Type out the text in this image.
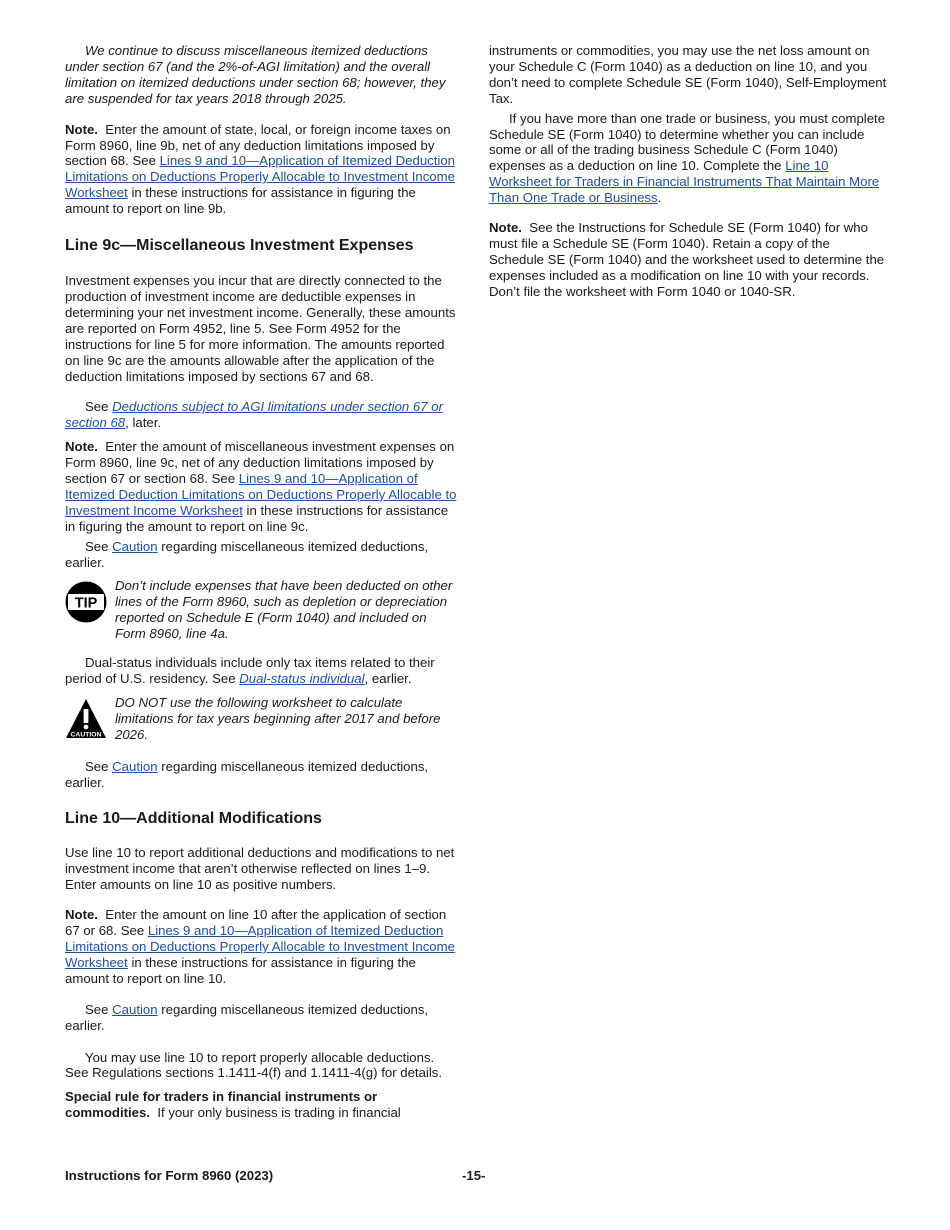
We continue to discuss miscellaneous itemized deductions under section 67 (and the 2%-of-AGI limitation) and the overall limitation on itemized deductions under section 68; however, they are suspended for tax years 2018 through 2025.

Note. Enter the amount of state, local, or foreign income taxes on Form 8960, line 9b, net of any deduction limitations imposed by section 68. See Lines 9 and 10—Application of Itemized Deduction Limitations on Deductions Properly Allocable to Investment Income Worksheet in these instructions for assistance in figuring the amount to report on line 9b.

Line 9c—Miscellaneous Investment Expenses

Investment expenses you incur that are directly connected to the production of investment income are deductible expenses in determining your net investment income. Generally, these amounts are reported on Form 4952, line 5. See Form 4952 for the instructions for line 5 for more information. The amounts reported on line 9c are the amounts allowable after the application of the deduction limitations imposed by sections 67 and 68.

See Deductions subject to AGI limitations under section 67 or section 68, later.

Note. Enter the amount of miscellaneous investment expenses on Form 8960, line 9c, net of any deduction limitations imposed by section 67 or section 68. See Lines 9 and 10—Application of Itemized Deduction Limitations on Deductions Properly Allocable to Investment Income Worksheet in these instructions for assistance in figuring the amount to report on line 9c.

See Caution regarding miscellaneous itemized deductions, earlier.

TIP

Don’t include expenses that have been deducted on other lines of the Form 8960, such as depletion or depreciation reported on Schedule E (Form 1040) and included on Form 8960, line 4a.

Dual-status individuals include only tax items related to their period of U.S. residency. See Dual-status individual, earlier.

CAUTION

DO NOT use the following worksheet to calculate limitations for tax years beginning after 2017 and before 2026.

See Caution regarding miscellaneous itemized deductions, earlier.

Line 10—Additional Modifications

Use line 10 to report additional deductions and modifications to net investment income that aren’t otherwise reflected on lines 1–9. Enter amounts on line 10 as positive numbers.

Note. Enter the amount on line 10 after the application of section 67 or 68. See Lines 9 and 10—Application of Itemized Deduction Limitations on Deductions Properly Allocable to Investment Income Worksheet in these instructions for assistance in figuring the amount to report on line 10.

See Caution regarding miscellaneous itemized deductions, earlier.

You may use line 10 to report properly allocable deductions. See Regulations sections 1.1411-4(f) and 1.1411-4(g) for details.

Special rule for traders in financial instruments or commodities. If your only business is trading in financial

instruments or commodities, you may use the net loss amount on your Schedule C (Form 1040) as a deduction on line 10, and you don’t need to complete Schedule SE (Form 1040), Self-Employment Tax.

If you have more than one trade or business, you must complete Schedule SE (Form 1040) to determine whether you can include some or all of the trading business Schedule C (Form 1040) expenses as a deduction on line 10. Complete the Line 10 Worksheet for Traders in Financial Instruments That Maintain More Than One Trade or Business.

Note. See the Instructions for Schedule SE (Form 1040) for who must file a Schedule SE (Form 1040). Retain a copy of the Schedule SE (Form 1040) and the worksheet used to determine the expenses included as a modification on line 10 with your records. Don’t file the worksheet with Form 1040 or 1040-SR.

Instructions for Form 8960 (2023)	-15-
